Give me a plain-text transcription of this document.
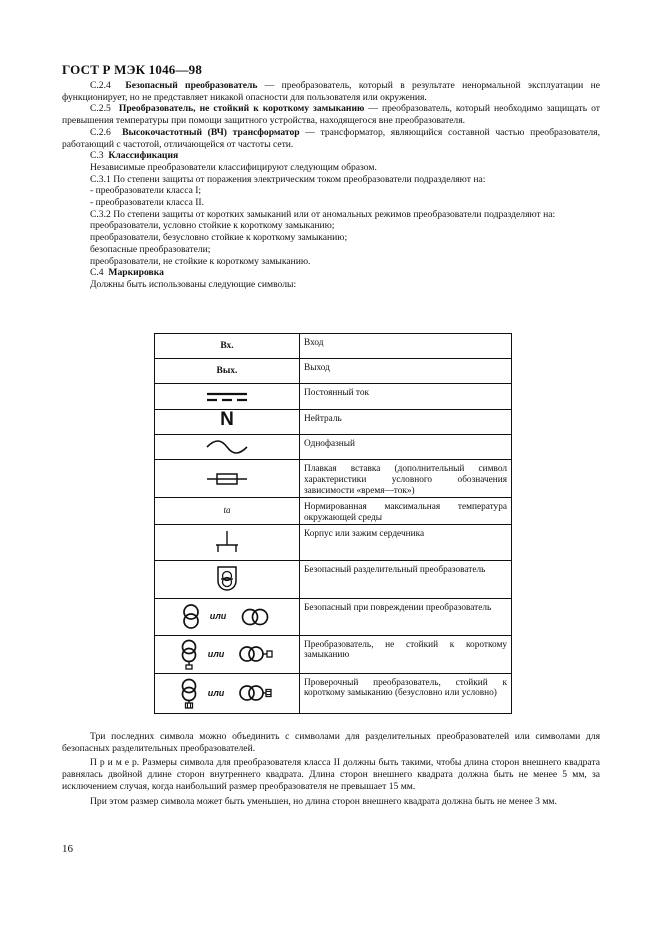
ГОСТ Р МЭК 1046—98

С.2.4 Безопасный преобразователь — преобразователь, который в результате ненормальной эксплуатации не функционирует, но не представляет никакой опасности для пользователя или окружения.

С.2.5 Преобразователь, не стойкий к короткому замыканию — преобразователь, который необходимо защищать от превышения температуры при помощи защитного устройства, находящегося вне преобразователя.

С.2.6 Высокочастотный (ВЧ) трансформатор — трансформатор, являющийся составной частью преобразователя, работающий с частотой, отличающейся от частоты сети.

С.3 Классификация

Независимые преобразователи классифицируют следующим образом.

С.3.1 По степени защиты от поражения электрическим током преобразователи подразделяют на:

- преобразователи класса I;

- преобразователи класса II.

С.3.2 По степени защиты от коротких замыканий или от аномальных режимов преобразователи подразделяют на:

преобразователи, условно стойкие к короткому замыканию;

преобразователи, безусловно стойкие к короткому замыканию;

безопасные преобразователи;

преобразователи, не стойкие к короткому замыканию.

С.4 Маркировка

Должны быть использованы следующие символы:

Вх.	Вход
Вых.	Выход
	Постоянный ток
N	Нейтраль
	Однофазный
	Плавкая вставка (дополнительный символ характеристики условного обозначения зависимости «время—ток»)
ta	Нормированная максимальная температура окружающей среды
	Корпус или зажим сердечника
	Безопасный разделительный преобразователь
или	Безопасный при повреждении преобразователь
или	Преобразователь, не стойкий к короткому замыканию
или	Проверочный преобразователь, стойкий к короткому замыканию (безусловно или условно)

Три последних символа можно объединить с символами для разделительных преобразователей или символами для безопасных разделительных преобразователей.

П р и м е р. Размеры символа для преобразователя класса II должны быть такими, чтобы длина сторон внешнего квадрата равнялась двойной длине сторон внутреннего квадрата. Длина сторон внешнего квадрата должна быть не менее 5 мм, за исключением случая, когда наибольший размер преобразователя не превышает 15 мм.

При этом размер символа может быть уменьшен, но длина сторон внешнего квадрата должна быть не менее 3 мм.

16
